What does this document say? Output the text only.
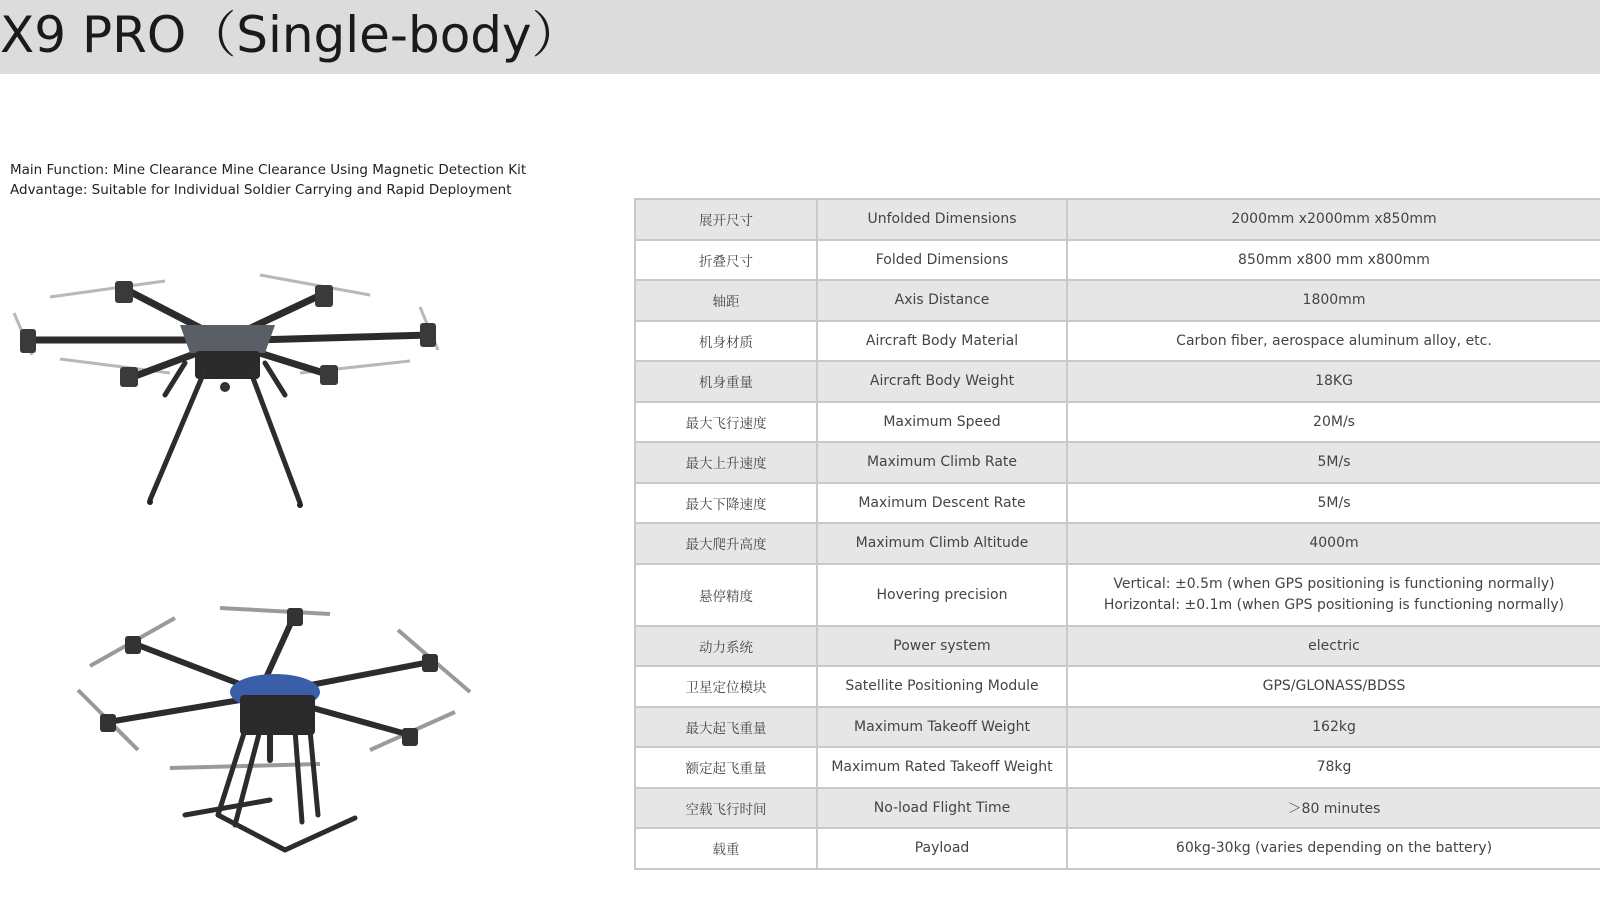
X9 PRO（Single-body）
Main Function: Mine Clearance Mine Clearance Using Magnetic Detection Kit
Advantage: Suitable for Individual Soldier Carrying and Rapid Deployment
展开尺寸	Unfolded Dimensions	2000mm x2000mm x850mm
折叠尺寸	Folded Dimensions	850mm x800 mm x800mm
轴距	Axis Distance	1800mm
机身材质	Aircraft Body Material	Carbon fiber, aerospace aluminum alloy, etc.
机身重量	Aircraft Body Weight	18KG
最大飞行速度	Maximum Speed	20M/s
最大上升速度	Maximum Climb Rate	5M/s
最大下降速度	Maximum Descent Rate	5M/s
最大爬升高度	Maximum Climb Altitude	4000m
悬停精度	Hovering precision	Vertical: ±0.5m (when GPS positioning is functioning normally)
Horizontal: ±0.1m (when GPS positioning is functioning normally)

动力系统	Power system	electric
卫星定位模块	Satellite Positioning Module	GPS/GLONASS/BDSS
最大起飞重量	Maximum Takeoff Weight	162kg
额定起飞重量	Maximum Rated Takeoff Weight	78kg
空载飞行时间	No-load Flight Time	＞80 minutes
载重	Payload	60kg-30kg (varies depending on the battery)
